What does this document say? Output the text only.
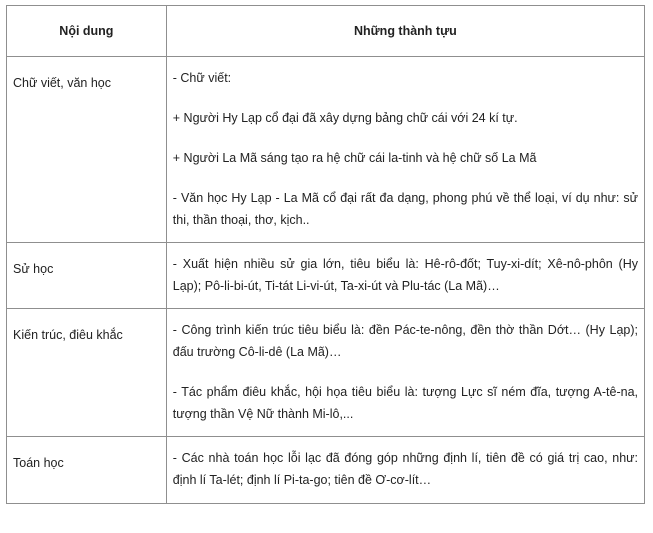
Nội dung	Những thành tựu
Chữ viết, văn học	- Chữ viết:
+ Người Hy Lạp cổ đại đã xây dựng bảng chữ cái với 24 kí tự.
+ Người La Mã sáng tạo ra hệ chữ cái la-tinh và hệ chữ số La Mã
- Văn học Hy Lạp - La Mã cổ đại rất đa dạng, phong phú về thể loại, ví dụ như: sử thi, thần thoại, thơ, kịch..

Sử học	- Xuất hiện nhiều sử gia lớn, tiêu biểu là: Hê-rô-đốt; Tuy-xi-dít; Xê-nô-phôn (Hy Lạp); Pô-li-bi-út, Ti-tát Li-vi-út, Ta-xi-út và Plu-tác (La Mã)…

Kiến trúc, điêu khắc	- Công trình kiến trúc tiêu biểu là: đền Pác-te-nông, đền thờ thần Dớt… (Hy Lạp); đấu trường Cô-li-dê (La Mã)…
- Tác phẩm điêu khắc, hội họa tiêu biểu là: tượng Lực sĩ ném đĩa, tượng A-tê-na, tượng thần Vệ Nữ thành Mi-lô,...

Toán học	- Các nhà toán học lỗi lạc đã đóng góp những định lí, tiên đề có giá trị cao, như: định lí Ta-lét; định lí Pi-ta-go; tiên đề Ơ-cơ-lít…
